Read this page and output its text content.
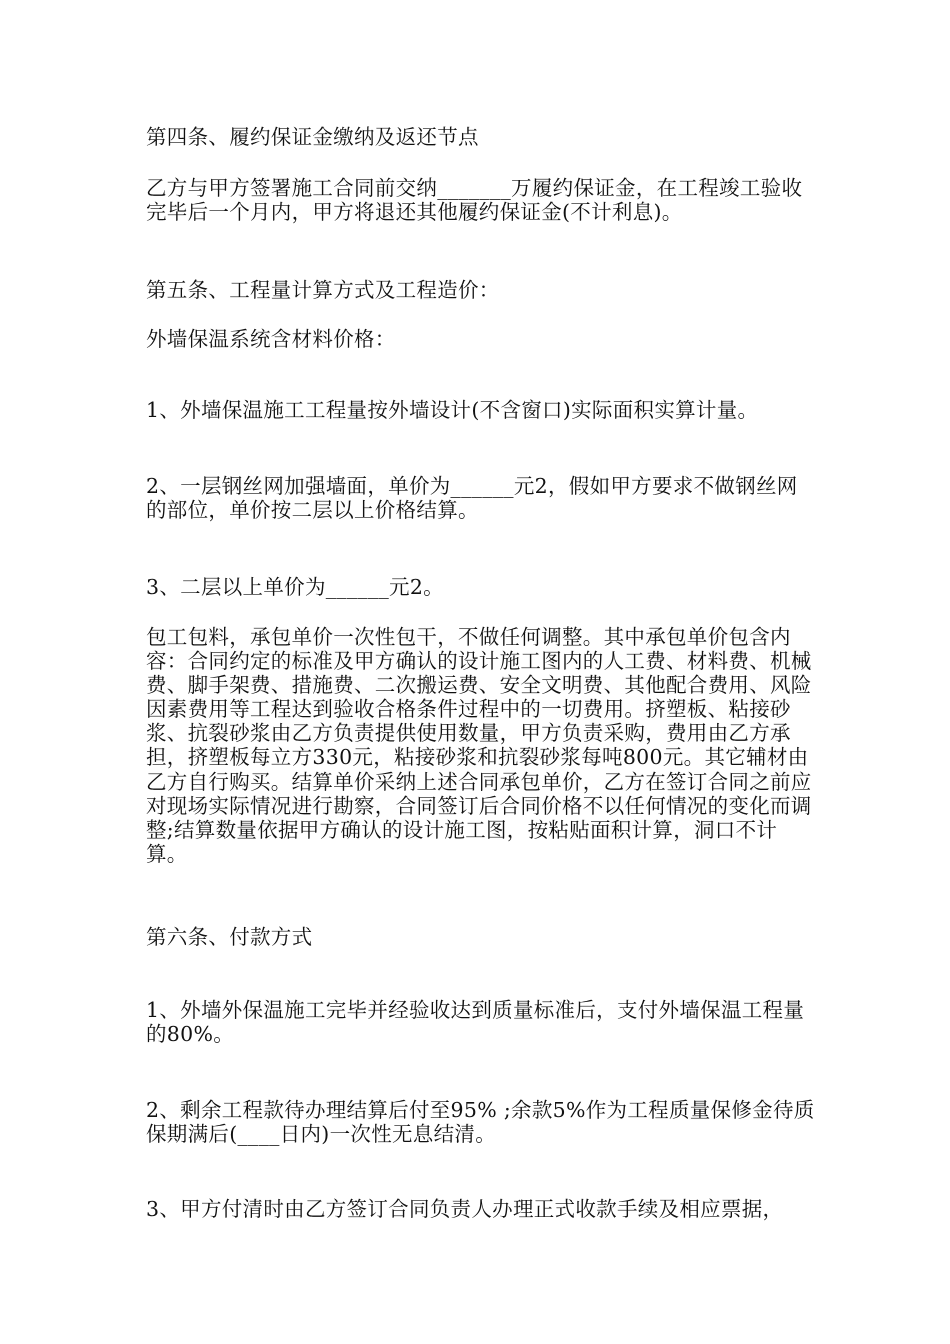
第四条、履约保证金缴纳及返还节点

乙方与甲方签署施工合同前交纳_______万履约保证金，在工程竣工验收完毕后一个月内，甲方将退还其他履约保证金(不计利息)。

第五条、工程量计算方式及工程造价：

外墙保温系统含材料价格：

1、外墙保温施工工程量按外墙设计(不含窗口)实际面积实算计量。

2、一层钢丝网加强墙面，单价为______元2，假如甲方要求不做钢丝网的部位，单价按二层以上价格结算。

3、二层以上单价为______元2。

包工包料，承包单价一次性包干，不做任何调整。其中承包单价包含内容：合同约定的标准及甲方确认的设计施工图内的人工费、材料费、机械费、脚手架费、措施费、二次搬运费、安全文明费、其他配合费用、风险因素费用等工程达到验收合格条件过程中的一切费用。挤塑板、粘接砂浆、抗裂砂浆由乙方负责提供使用数量，甲方负责采购，费用由乙方承担，挤塑板每立方330元，粘接砂浆和抗裂砂浆每吨800元。其它辅材由乙方自行购买。结算单价采纳上述合同承包单价，乙方在签订合同之前应对现场实际情况进行勘察，合同签订后合同价格不以任何情况的变化而调整;结算数量依据甲方确认的设计施工图，按粘贴面积计算，洞口不计算。

第六条、付款方式

1、外墙外保温施工完毕并经验收达到质量标准后，支付外墙保温工程量的80%。

2、剩余工程款待办理结算后付至95% ;余款5%作为工程质量保修金待质保期满后(____日内)一次性无息结清。

3、甲方付清时由乙方签订合同负责人办理正式收款手续及相应票据，
